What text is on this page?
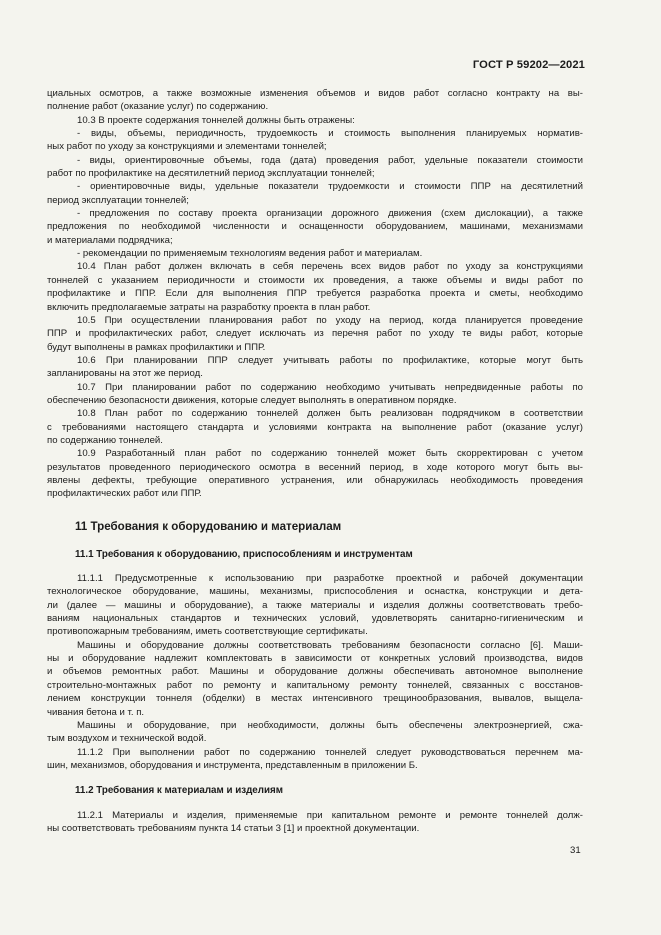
ГОСТ Р 59202—2021
циальных осмотров, а также возможные изменения объемов и видов работ согласно контракту на вы-
полнение работ (оказание услуг) по содержанию.
10.3 В проекте содержания тоннелей должны быть отражены:
- виды, объемы, периодичность, трудоемкость и стоимость выполнения планируемых норматив-
ных работ по уходу за конструкциями и элементами тоннелей;
- виды, ориентировочные объемы, года (дата) проведения работ, удельные показатели стоимости
работ по профилактике на десятилетний период эксплуатации тоннелей;
- ориентировочные виды, удельные показатели трудоемкости и стоимости ППР на десятилетний
период эксплуатации тоннелей;
- предложения по составу проекта организации дорожного движения (схем дислокации), а также
предложения по необходимой численности и оснащенности оборудованием, машинами, механизмами
и материалами подрядчика;
- рекомендации по применяемым технологиям ведения работ и материалам.
10.4 План работ должен включать в себя перечень всех видов работ по уходу за конструкциями
тоннелей с указанием периодичности и стоимости их проведения, а также объемы и виды работ по
профилактике и ППР. Если для выполнения ППР требуется разработка проекта и сметы, необходимо
включить предполагаемые затраты на разработку проекта в план работ.
10.5 При осуществлении планирования работ по уходу на период, когда планируется проведение
ППР и профилактических работ, следует исключать из перечня работ по уходу те виды работ, которые
будут выполнены в рамках профилактики и ППР.
10.6 При планировании ППР следует учитывать работы по профилактике, которые могут быть
запланированы на этот же период.
10.7 При планировании работ по содержанию необходимо учитывать непредвиденные работы по
обеспечению безопасности движения, которые следует выполнять в оперативном порядке.
10.8 План работ по содержанию тоннелей должен быть реализован подрядчиком в соответствии
с требованиями настоящего стандарта и условиями контракта на выполнение работ (оказание услуг)
по содержанию тоннелей.
10.9 Разработанный план работ по содержанию тоннелей может быть скорректирован с учетом
результатов проведенного периодического осмотра в весенний период, в ходе которого могут быть вы-
явлены дефекты, требующие оперативного устранения, или обнаружилась необходимость проведения
профилактических работ или ППР.
11 Требования к оборудованию и материалам
11.1 Требования к оборудованию, приспособлениям и инструментам
11.1.1 Предусмотренные к использованию при разработке проектной и рабочей документации
технологическое оборудование, машины, механизмы, приспособления и оснастка, конструкции и дета-
ли (далее — машины и оборудование), а также материалы и изделия должны соответствовать требо-
ваниям национальных стандартов и технических условий, удовлетворять санитарно-гигиеническим и
противопожарным требованиям, иметь соответствующие сертификаты.
Машины и оборудование должны соответствовать требованиям безопасности согласно [6]. Маши-
ны и оборудование надлежит комплектовать в зависимости от конкретных условий производства, видов
и объемов ремонтных работ. Машины и оборудование должны обеспечивать автономное выполнение
строительно-монтажных работ по ремонту и капитальному ремонту тоннелей, связанных с восстанов-
лением конструкции тоннеля (обделки) в местах интенсивного трещинообразования, вывалов, выщела-
чивания бетона и т. п.
Машины и оборудование, при необходимости, должны быть обеспечены электроэнергией, сжа-
тым воздухом и технической водой.
11.1.2 При выполнении работ по содержанию тоннелей следует руководствоваться перечнем ма-
шин, механизмов, оборудования и инструмента, представленным в приложении Б.
11.2 Требования к материалам и изделиям
11.2.1 Материалы и изделия, применяемые при капитальном ремонте и ремонте тоннелей долж-
ны соответствовать требованиям пункта 14 статьи 3 [1] и проектной документации.
31
